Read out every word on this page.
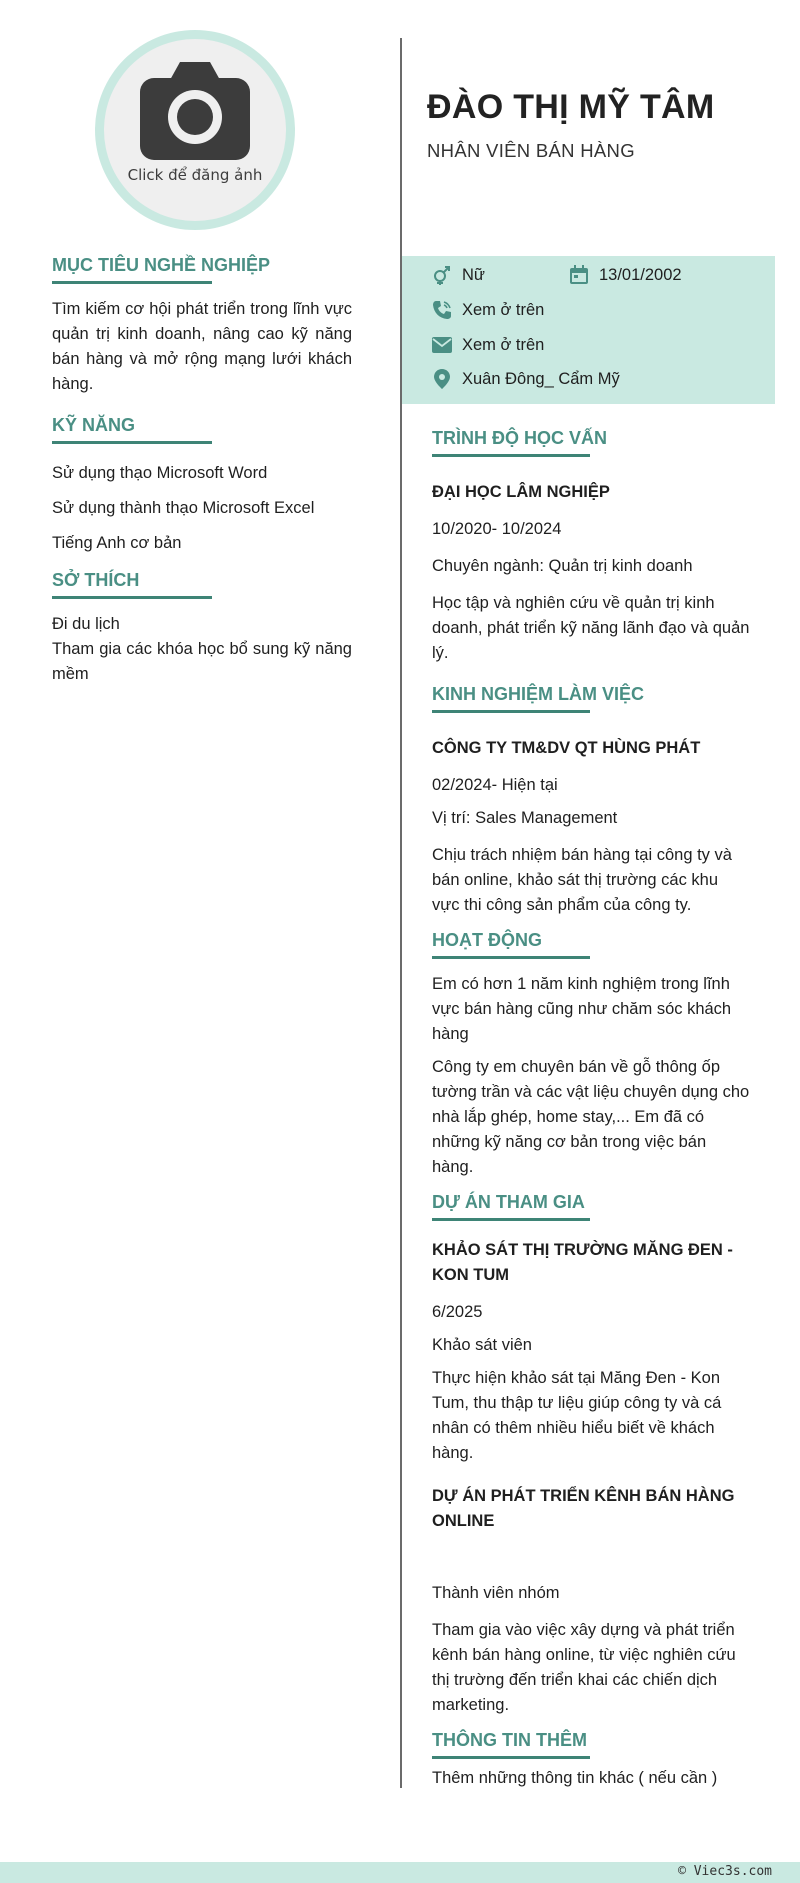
Click để đăng ảnh
ĐÀO THỊ MỸ TÂM
NHÂN VIÊN BÁN HÀNG
Nữ	13/01/2002
Xem ở trên
Xem ở trên
Xuân Đông_ Cẩm Mỹ
MỤC TIÊU NGHỀ NGHIỆP

Tìm kiếm cơ hội phát triển trong lĩnh vực quản trị kinh doanh, nâng cao kỹ năng bán hàng và mở rộng mạng lưới khách hàng.

KỸ NĂNG

Sử dụng thạo Microsoft Word

Sử dụng thành thạo Microsoft Excel

Tiếng Anh cơ bản

SỞ THÍCH

Đi du lịch

Tham gia các khóa học bổ sung kỹ năng mềm

TRÌNH ĐỘ HỌC VẤN

ĐẠI HỌC LÂM NGHIỆP

10/2020- 10/2024

Chuyên ngành: Quản trị kinh doanh

Học tập và nghiên cứu về quản trị kinh doanh, phát triển kỹ năng lãnh đạo và quản lý.

KINH NGHIỆM LÀM VIỆC

CÔNG TY TM&DV QT HÙNG PHÁT

02/2024- Hiện tại

Vị trí: Sales Management

Chịu trách nhiệm bán hàng tại công ty và bán online, khảo sát thị trường các khu vực thi công sản phẩm của công ty.

HOẠT ĐỘNG

Em có hơn 1 năm kinh nghiệm trong lĩnh vực bán hàng cũng như chăm sóc khách hàng

Công ty em chuyên bán về gỗ thông ốp tường trần và các vật liệu chuyên dụng cho nhà lắp ghép, home stay,... Em đã có những kỹ năng cơ bản trong việc bán hàng.

DỰ ÁN THAM GIA

KHẢO SÁT THỊ TRƯỜNG MĂNG ĐEN - KON TUM

6/2025

Khảo sát viên

Thực hiện khảo sát tại Măng Đen - Kon Tum, thu thập tư liệu giúp công ty và cá nhân có thêm nhiều hiểu biết về khách hàng.

DỰ ÁN PHÁT TRIỂN KÊNH BÁN HÀNG ONLINE

Thành viên nhóm

Tham gia vào việc xây dựng và phát triển kênh bán hàng online, từ việc nghiên cứu thị trường đến triển khai các chiến dịch marketing.

THÔNG TIN THÊM

Thêm những thông tin khác ( nếu cần )

© Viec3s.com
